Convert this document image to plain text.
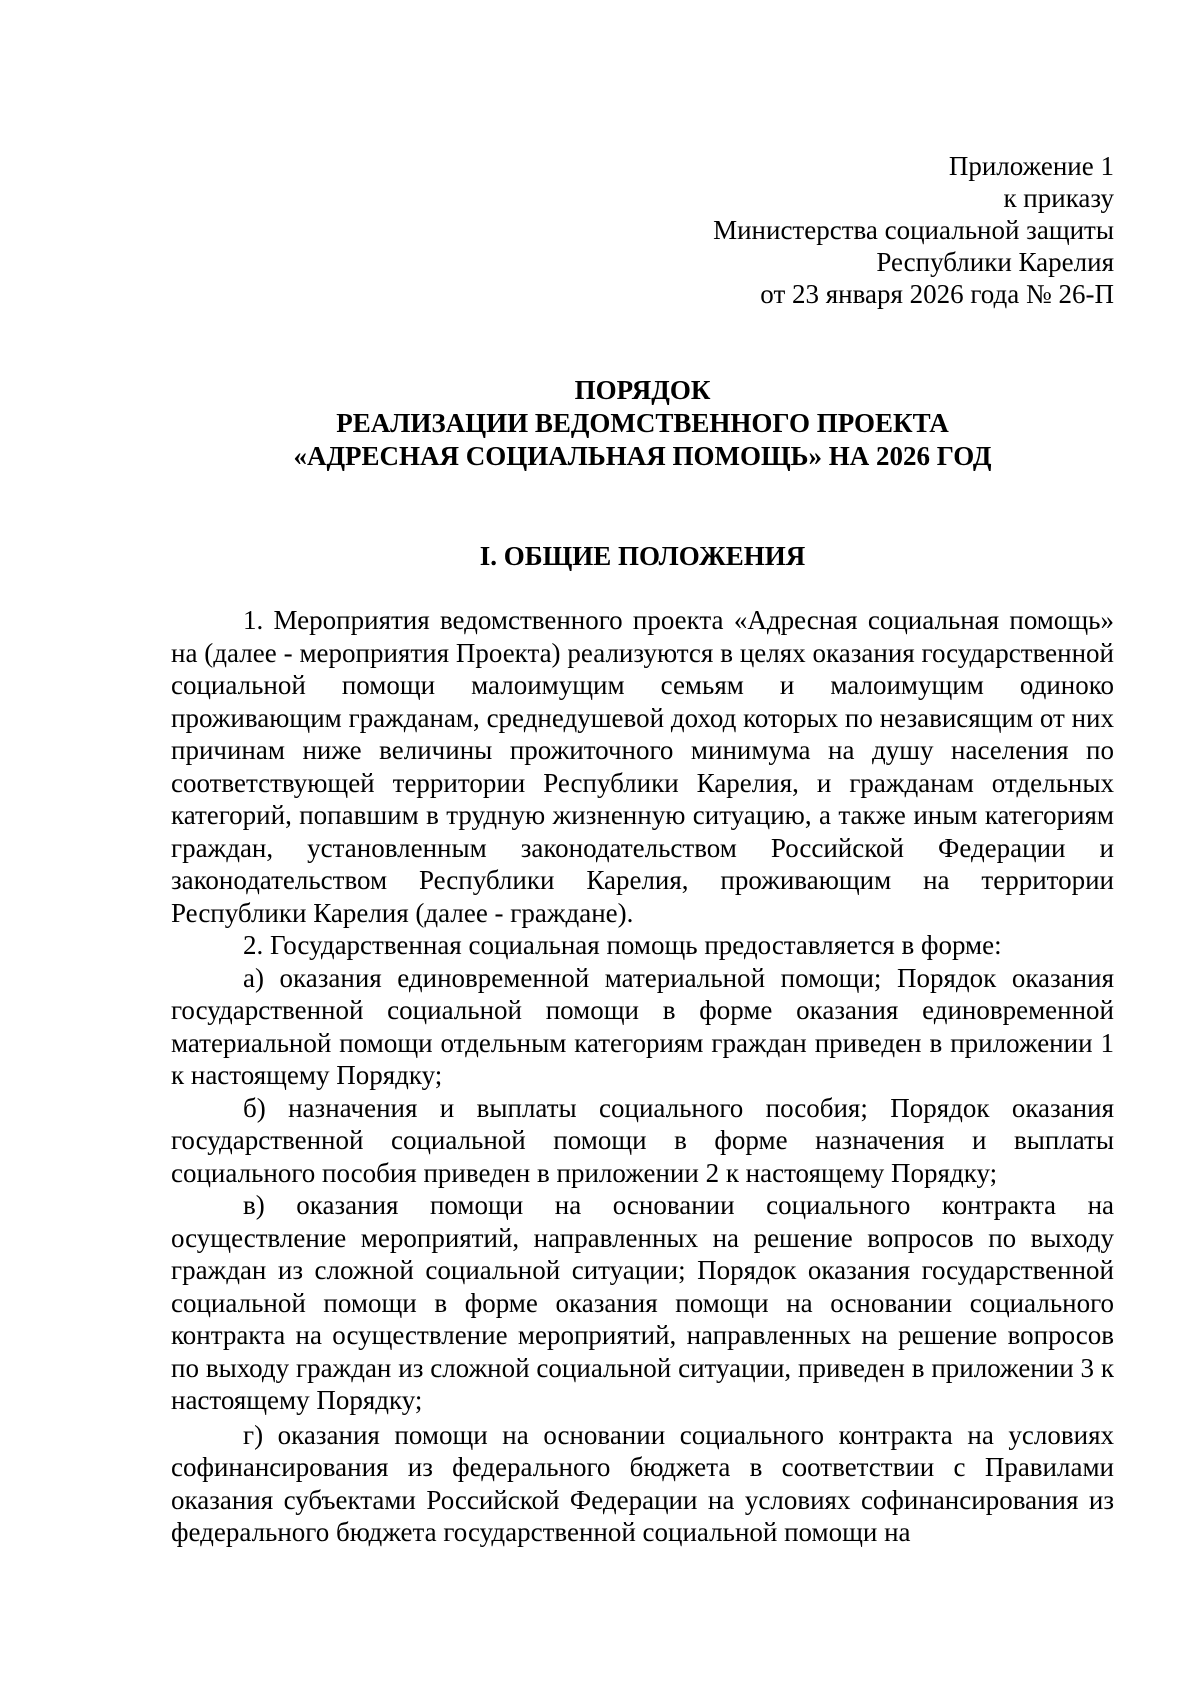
Приложение 1
к приказу
Министерства социальной защиты
Республики Карелия
от 23 января 2026 года № 26-П
ПОРЯДОК
РЕАЛИЗАЦИИ ВЕДОМСТВЕННОГО ПРОЕКТА
«АДРЕСНАЯ СОЦИАЛЬНАЯ ПОМОЩЬ» НА 2026 ГОД
I. ОБЩИЕ ПОЛОЖЕНИЯ

1. Мероприятия ведомственного проекта «Адресная социальная помощь» на (далее - мероприятия Проекта) реализуются в целях оказания государственной социальной помощи малоимущим семьям и малоимущим одиноко проживающим гражданам, среднедушевой доход которых по независящим от них причинам ниже величины прожиточного минимума на душу населения по соответствующей территории Республики Карелия, и гражданам отдельных категорий, попавшим в трудную жизненную ситуацию, а также иным категориям граждан, установленным законодательством Российской Федерации и законодательством Республики Карелия, проживающим на территории Республики Карелия (далее - граждане).

2. Государственная социальная помощь предоставляется в форме:

а) оказания единовременной материальной помощи; Порядок оказания государственной социальной помощи в форме оказания единовременной материальной помощи отдельным категориям граждан приведен в приложении 1 к настоящему Порядку;

б) назначения и выплаты социального пособия; Порядок оказания государственной социальной помощи в форме назначения и выплаты социального пособия приведен в приложении 2 к настоящему Порядку;

в) оказания помощи на основании социального контракта на осуществление мероприятий, направленных на решение вопросов по выходу граждан из сложной социальной ситуации; Порядок оказания государственной социальной помощи в форме оказания помощи на основании социального контракта на осуществление мероприятий, направленных на решение вопросов по выходу граждан из сложной социальной ситуации, приведен в приложении 3 к настоящему Порядку;

г) оказания помощи на основании социального контракта на условиях софинансирования из федерального бюджета в соответствии с Правилами оказания субъектами Российской Федерации на условиях софинансирования из федерального бюджета государственной социальной помощи на
